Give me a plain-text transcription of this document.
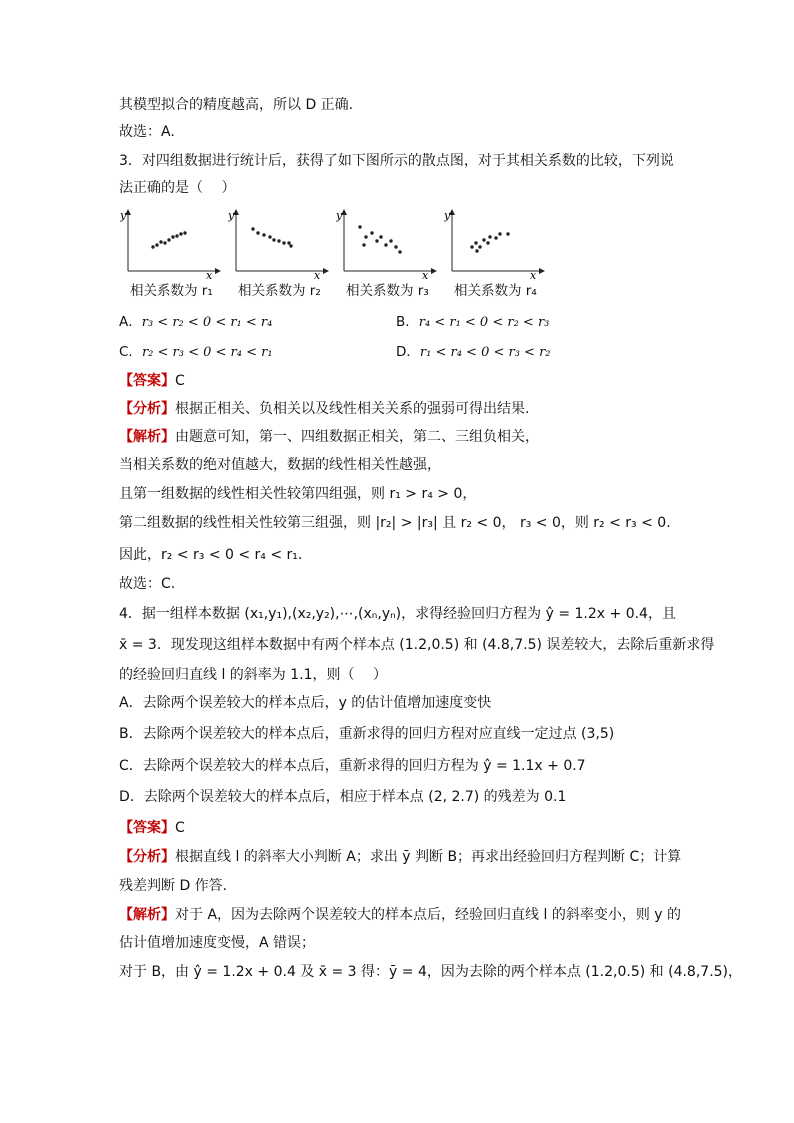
其模型拟合的精度越高，所以 D 正确.
故选：A.
3．对四组数据进行统计后，获得了如下图所示的散点图，对于其相关系数的比较，下列说
法正确的是（　 ）
y
x
相关系数为 r₁
y
x
相关系数为 r₂
y
x
相关系数为 r₃
y
x
相关系数为 r₄
A．r₃ < r₂ < 0 < r₁ < r₄	B．r₄ < r₁ < 0 < r₂ < r₃
C．r₂ < r₃ < 0 < r₄ < r₁	D．r₁ < r₄ < 0 < r₃ < r₂
【答案】C
【分析】根据正相关、负相关以及线性相关关系的强弱可得出结果.
【解析】由题意可知，第一、四组数据正相关，第二、三组负相关，
当相关系数的绝对值越大，数据的线性相关性越强，
且第一组数据的线性相关性较第四组强，则 r₁ > r₄ > 0，
第二组数据的线性相关性较第三组强，则 |r₂| > |r₃| 且 r₂ < 0， r₃ < 0，则 r₂ < r₃ < 0.
因此，r₂ < r₃ < 0 < r₄ < r₁.
故选：C.
4．据一组样本数据 (x₁,y₁),(x₂,y₂),⋯,(xₙ,yₙ)，求得经验回归方程为 ŷ = 1.2x + 0.4，且
x̄ = 3．现发现这组样本数据中有两个样本点 (1.2,0.5) 和 (4.8,7.5) 误差较大，去除后重新求得
的经验回归直线 l 的斜率为 1.1，则（　 ）
A．去除两个误差较大的样本点后，y 的估计值增加速度变快
B．去除两个误差较大的样本点后，重新求得的回归方程对应直线一定过点 (3,5)
C．去除两个误差较大的样本点后，重新求得的回归方程为 ŷ = 1.1x + 0.7
D．去除两个误差较大的样本点后，相应于样本点 (2, 2.7) 的残差为 0.1
【答案】C
【分析】根据直线 l 的斜率大小判断 A；求出 ȳ 判断 B；再求出经验回归方程判断 C；计算
残差判断 D 作答.
【解析】对于 A，因为去除两个误差较大的样本点后，经验回归直线 l 的斜率变小，则 y 的
估计值增加速度变慢，A 错误；
对于 B，由 ŷ = 1.2x + 0.4 及 x̄ = 3 得：ȳ = 4，因为去除的两个样本点 (1.2,0.5) 和 (4.8,7.5)，
